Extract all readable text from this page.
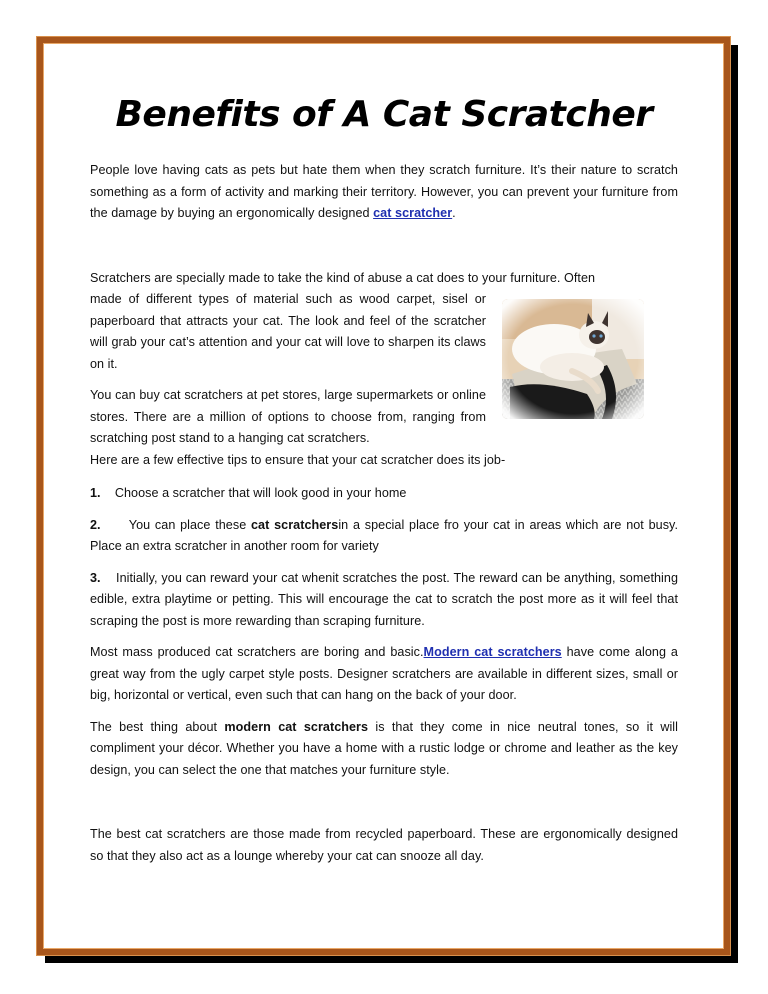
Benefits of A Cat Scratcher

People love having cats as pets but hate them when they scratch furniture. It’s their nature to scratch something as a form of activity and marking their territory. However, you can prevent your furniture from the damage by buying an ergonomically designed cat scratcher.

Scratchers are specially made to take the kind of abuse a cat does to your furniture. Often

made of different types of material such as wood carpet, sisel or paperboard that attracts your cat. The look and feel of the scratcher will grab your cat’s attention and your cat will love to sharpen its claws on it.

You can buy cat scratchers at pet stores, large supermarkets or online stores. There are a million of options to choose from, ranging from scratching post stand to a hanging cat scratchers.

Here are a few effective tips to ensure that your cat scratcher does its job-

1. Choose a scratcher that will look good in your home

2. You can place these cat scratchersin a special place fro your cat in areas which are not busy. Place an extra scratcher in another room for variety

3. Initially, you can reward your cat whenit scratches the post. The reward can be anything, something edible, extra playtime or petting. This will encourage the cat to scratch the post more as it will feel that scraping the post is more rewarding than scraping furniture.

Most mass produced cat scratchers are boring and basic.Modern cat scratchers have come along a great way from the ugly carpet style posts. Designer scratchers are available in different sizes, small or big, horizontal or vertical, even such that can hang on the back of your door.

The best thing about modern cat scratchers is that they come in nice neutral tones, so it will compliment your décor. Whether you have a home with a rustic lodge or chrome and leather as the key design, you can select the one that matches your furniture style.

The best cat scratchers are those made from recycled paperboard. These are ergonomically designed so that they also act as a lounge whereby your cat can snooze all day.
